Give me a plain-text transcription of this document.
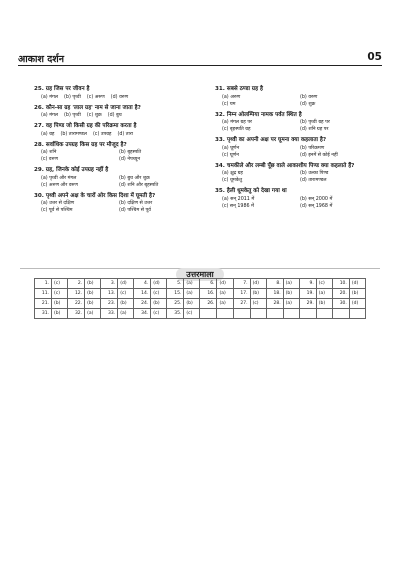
आकाश दर्शन	05
25. ग्रह जिस पर जीवन है
(a) मंगल (b) पृथ्वी (c) अरुण (d) वरुण
26. कौन-सा ग्रह 'लाल ग्रह' नाम से जाना जाता है?
(a) मंगल (b) पृथ्वी (c) शुक्र (d) बुध
27. वह पिण्ड जो किसी ग्रह की परिक्रमा करता है
(a) ग्रह (b) तारामण्डल (c) उपग्रह (d) तारा
28. सर्वाधिक उपग्रह किस ग्रह पर मौजूद है?
(a) शनि	(b) बृहस्पति
(c) वरुण	(d) नेपच्यून
29. ग्रह, जिनके कोई उपग्रह नहीं है
(a) पृथ्वी और मंगल	(b) बुध और शुक्र
(c) अरुण और वरुण	(d) शनि और बृहस्पति
30. पृथ्वी अपने अक्ष के चारों ओर किस दिशा में घूमती है?
(a) उत्तर से दक्षिण	(b) दक्षिण से उत्तर
(c) पूर्व से पश्चिम	(d) पश्चिम से पूर्व
31. सबसे ठण्डा ग्रह है
(a) अरुण	(b) वरुण
(c) यम	(d) शुक्र
32. निम्न ओलम्पिया नामक पर्वत स्थित है
(a) मंगल ग्रह पर	(b) पृथ्वी ग्रह पर
(c) बृहस्पति ग्रह	(d) शनि ग्रह पर
33. पृथ्वी का अपनी अक्ष पर घूमना क्या कहलाता है?
(a) घूर्णन	(b) परिक्रमण
(c) घूर्णन	(d) इनमें से कोई नहीं
34. चमकीले और लम्बी पूँछ वाले आकाशीय पिण्ड क्या कहलाते हैं?
(a) क्षुद्र ग्रह	(b) उल्का पिण्ड
(c) धूमकेतु	(d) तारामण्डल
35. हैली धूमकेतु को देखा गया था
(a) सन् 2011 में	(b) सन् 2000 में
(c) सन् 1986 में	(d) सन् 1968 में
उत्तरमाला
1.	(c)	2.	(b)	3.	(d)	4.	(d)	5.	(a)	6.	(d)	7.	(d)	8.	(a)	9.	(c)	10.	(d)
11.	(c)	12.	(b)	13.	(c)	14.	(c)	15.	(a)	16.	(a)	17.	(b)	18.	(b)	19.	(a)	20.	(b)
21.	(b)	22.	(b)	23.	(b)	24.	(b)	25.	(b)	26.	(a)	27.	(c)	28.	(a)	29.	(b)	30.	(d)
31.	(b)	32.	(a)	33.	(a)	34.	(c)	35.	(c)										
